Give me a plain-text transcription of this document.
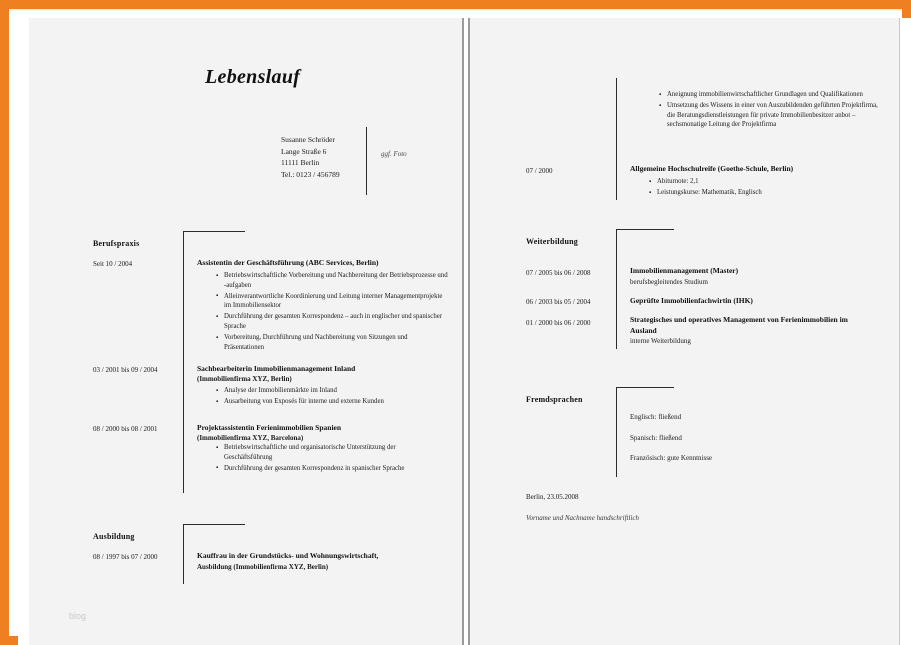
Lebenslauf
Susanne Schröder
Lange Straße 6
11111 Berlin
Tel.: 0123 / 456789
ggf. Foto
Berufspraxis
Seit 10 / 2004	Assistentin der Geschäftsführung (ABC Services, Berlin)
▪ Betriebswirtschaftliche Vorbereitung und Nachbereitung der Betriebsprozesse und -aufgaben
▪ Alleinverantwortliche Koordinierung und Leitung interner Managementprojekte im Immobiliensektor
▪ Durchführung der gesamten Korrespondenz – auch in englischer und spanischer Sprache
▪ Vorbereitung, Durchführung und Nachbereitung von Sitzungen und Präsentationen
03 / 2001 bis 09 / 2004	Sachbearbeiterin Immobilienmanagement Inland
(Immobilienfirma XYZ, Berlin)
▪ Analyse der Immobilienmärkte im Inland
▪ Ausarbeitung von Exposés für interne und externe Kunden
08 / 2000 bis 08 / 2001	Projektassistentin Ferienimmobilien Spanien
(Immobilienfirma XYZ, Barcelona)
▪ Betriebswirtschaftliche und organisatorische Unterstützung der Geschäftsführung
▪ Durchführung der gesamten Korrespondenz in spanischer Sprache
Ausbildung
08 / 1997 bis 07 / 2000	Kauffrau in der Grundstücks- und Wohnungswirtschaft,
Ausbildung (Immobilienfirma XYZ, Berlin)
blog
▪ Aneignung immobilienwirtschaftlicher Grundlagen und Qualifikationen
▪ Umsetzung des Wissens in einer von Auszubildenden geführten Projektfirma, die Beratungsdienstleistungen für private Immobilienbesitzer anbot – sechsmonatige Leitung der Projektfirma
07 / 2000	Allgemeine Hochschulreife (Goethe-Schule, Berlin)
▪ Abiturnote: 2,1
▪ Leistungskurse: Mathematik, Englisch
Weiterbildung
07 / 2005 bis 06 / 2008	Immobilienmanagement (Master)
berufsbegleitendes Studium
06 / 2003 bis 05 / 2004	Geprüfte Immobilienfachwirtin (IHK)
01 / 2000 bis 06 / 2000	Strategisches und operatives Management von Ferienimmobilien im Ausland
interne Weiterbildung
Fremdsprachen
Englisch: fließend
Spanisch: fließend
Französisch: gute Kenntnisse
Berlin, 23.05.2008
Vorname und Nachname handschriftlich
